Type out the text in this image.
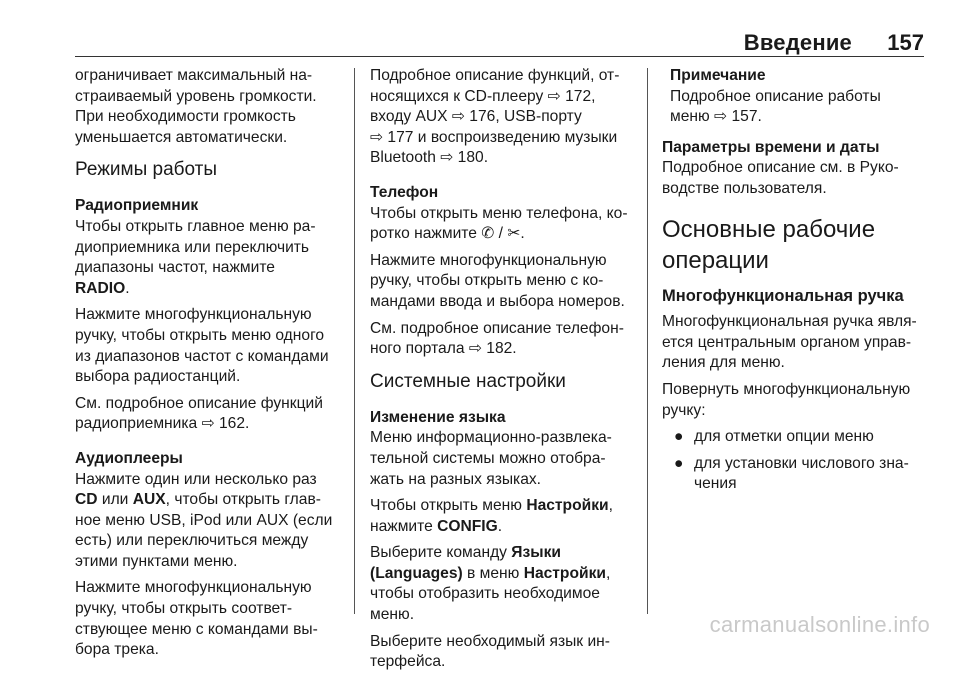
Введение 157

ограничивает максимальный на-
страиваемый уровень громкости.
При необходимости громкость
уменьшается автоматически.

Режимы работы
Радиоприемник

Чтобы открыть главное меню ра-
диоприемника или переключить
диапазоны частот, нажмите
RADIO.

Нажмите многофункциональную
ручку, чтобы открыть меню одного
из диапазонов частот с командами
выбора радиостанций.

См. подробное описание функций
радиоприемника ⇨ 162.

Аудиоплееры

Нажмите один или несколько раз
CD или AUX, чтобы открыть глав-
ное меню USB, iPod или AUX (если
есть) или переключиться между
этими пунктами меню.

Нажмите многофункциональную
ручку, чтобы открыть соответ-
ствующее меню с командами вы-
бора трека.

Подробное описание функций, от-
носящихся к CD-плееру ⇨ 172,
входу AUX ⇨ 176, USB-порту
⇨ 177 и воспроизведению музыки
Bluetooth ⇨ 180.

Телефон

Чтобы открыть меню телефона, ко-
ротко нажмите ✆ / ✂.

Нажмите многофункциональную
ручку, чтобы открыть меню с ко-
мандами ввода и выбора номеров.

См. подробное описание телефон-
ного портала ⇨ 182.

Системные настройки
Изменение языка

Меню информационно-развлека-
тельной системы можно отобра-
жать на разных языках.

Чтобы открыть меню Настройки,
нажмите CONFIG.

Выберите команду Языки
(Languages) в меню Настройки,
чтобы отобразить необходимое
меню.

Выберите необходимый язык ин-
терфейса.

Примечание

Подробное описание работы
меню ⇨ 157.

Параметры времени и даты

Подробное описание см. в Руко-
водстве пользователя.

Основные рабочие
операции
Многофункциональная ручка

Многофункциональная ручка явля-
ется центральным органом управ-
ления для меню.

Повернуть многофункциональную
ручку:

● для отметки опции меню
● для установки числового зна-
чения
carmanualsonline.info
